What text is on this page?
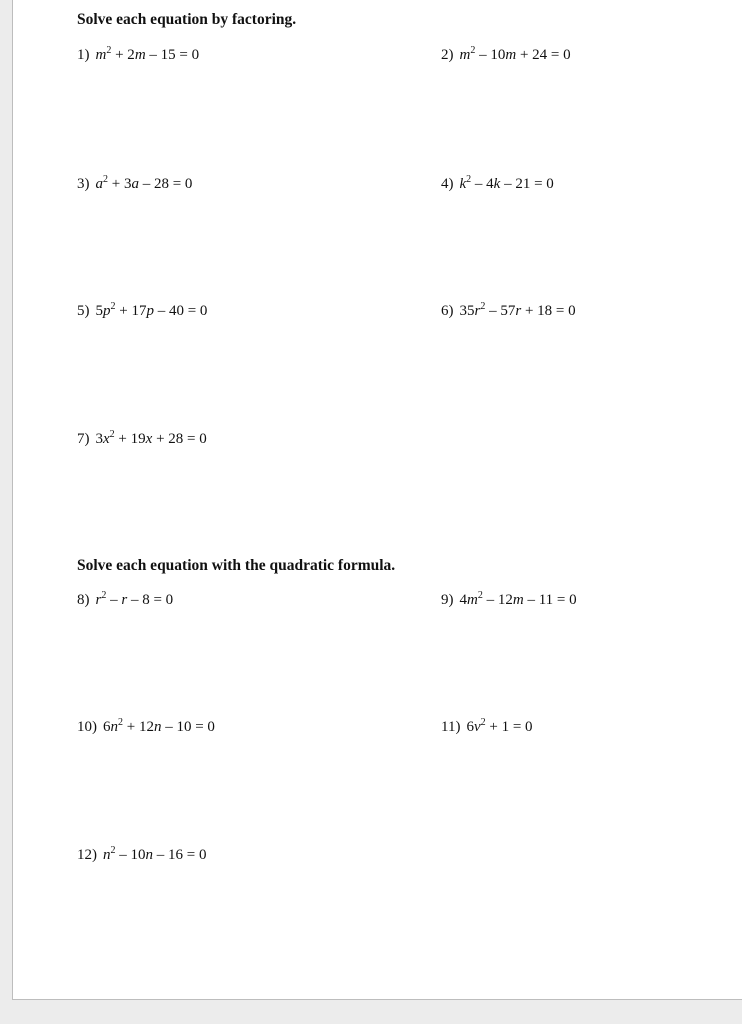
Solve each equation by factoring.
1) $m^2 + 2m - 15 = 0$	2) $m^2 - 10m + 24 = 0$
3) $a^2 + 3a - 28 = 0$	4) $k^2 - 4k - 21 = 0$
5) $5p^2 + 17p - 40 = 0$	6) $35r^2 - 57r + 18 = 0$
7) $3x^2 + 19x + 28 = 0$
Solve each equation with the quadratic formula.
8) $r^2 - r - 8 = 0$	9) $4m^2 - 12m - 11 = 0$
10) $6n^2 + 12n - 10 = 0$	11) $6v^2 + 1 = 0$
12) $n^2 - 10n - 16 = 0$
